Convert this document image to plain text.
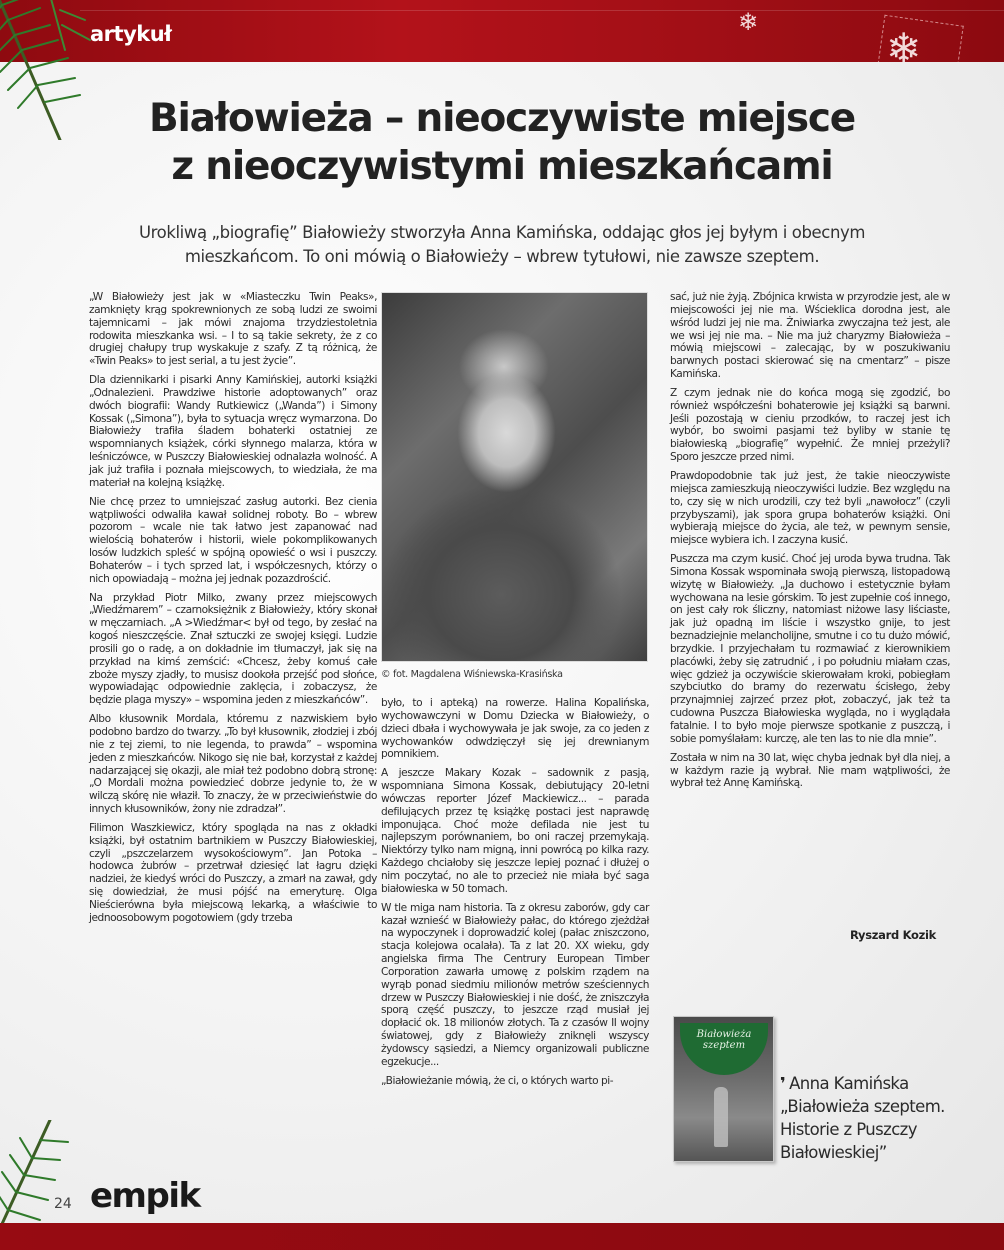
❄
❄
artykuł
Białowieża – nieoczywiste miejsce
z nieoczywistymi mieszkańcami

Urokliwą „biografię” Białowieży stworzyła Anna Kamińska, oddając głos jej byłym i obecnym
mieszkańcom. To oni mówią o Białowieży – wbrew tytułowi, nie zawsze szeptem.

„W Białowieży jest jak w «Miasteczku Twin Peaks», zamknięty krąg spokrewnionych ze sobą ludzi ze swoimi tajemnicami – jak mówi znajoma trzydziestoletnia rodowita mieszkanka wsi. – I to są takie sekrety, że z co drugiej chałupy trup wyskakuje z szafy. Z tą różnicą, że «Twin Peaks» to jest serial, a tu jest życie”.

Dla dziennikarki i pisarki Anny Kamińskiej, autorki książki „Odnalezieni. Prawdziwe historie adoptowanych” oraz dwóch biografii: Wandy Rutkiewicz („Wanda”) i Simony Kossak („Simona”), była to sytuacja wręcz wymarzona. Do Białowieży trafiła śladem bohaterki ostatniej ze wspomnianych książek, córki słynnego malarza, która w leśniczówce, w Puszczy Białowieskiej odnalazła wolność. A jak już trafiła i poznała miejscowych, to wiedziała, że ma materiał na kolejną książkę.

Nie chcę przez to umniejszać zasług autorki. Bez cienia wątpliwości odwaliła kawał solidnej roboty. Bo – wbrew pozorom – wcale nie tak łatwo jest zapanować nad wielością bohaterów i historii, wiele pokomplikowanych losów ludzkich spleść w spójną opowieść o wsi i puszczy. Bohaterów – i tych sprzed lat, i współczesnych, którzy o nich opowiadają – można jej jednak pozazdrościć.

Na przykład Piotr Milko, zwany przez miejscowych „Wiedźmarem” – czarnoksiężnik z Białowieży, który skonał w męczarniach. „A >Wiedźmar< był od tego, by zesłać na kogoś nieszczęście. Znał sztuczki ze swojej księgi. Ludzie prosili go o radę, a on dokładnie im tłumaczył, jak się na przykład na kimś zemścić: «Chcesz, żeby komuś całe zboże myszy zjadły, to musisz dookoła przejść pod słońce, wypowiadając odpowiednie zaklęcia, i zobaczysz, że będzie plaga myszy» – wspomina jeden z mieszkańców”.

Albo kłusownik Mordala, któremu z nazwiskiem było podobno bardzo do twarzy. „To był kłusownik, złodziej i zbój nie z tej ziemi, to nie legenda, to prawda” – wspomina jeden z mieszkańców. Nikogo się nie bał, korzystał z każdej nadarzającej się okazji, ale miał też podobno dobrą stronę: „O Mordali można powiedzieć dobrze jedynie to, że w wilczą skórę nie właził. To znaczy, że w przeciwieństwie do innych kłusowników, żony nie zdradzał”.

Filimon Waszkiewicz, który spogląda na nas z okładki książki, był ostatnim bartnikiem w Puszczy Białowieskiej, czyli „pszczelarzem wysokościowym”. Jan Potoka – hodowca żubrów – przetrwał dziesięć lat łagru dzięki nadziei, że kiedyś wróci do Puszczy, a zmarł na zawał, gdy się dowiedział, że musi pójść na emeryturę. Olga Nieścierówna była miejscową lekarką, a właściwie to jednoosobowym pogotowiem (gdy trzeba

© fot. Magdalena Wiśniewska-Krasińska

było, to i apteką) na rowerze. Halina Kopalińska, wychowawczyni w Domu Dziecka w Białowieży, o dzieci dbała i wychowywała je jak swoje, za co jeden z wychowanków odwdzięczył się jej drewnianym pomnikiem.

A jeszcze Makary Kozak – sadownik z pasją, wspomniana Simona Kossak, debiutujący 20-letni wówczas reporter Józef Mackiewicz... – parada defilujących przez tę książkę postaci jest naprawdę imponująca. Choć może defilada nie jest tu najlepszym porównaniem, bo oni raczej przemykają. Niektórzy tylko nam migną, inni powrócą po kilka razy. Każdego chciałoby się jeszcze lepiej poznać i dłużej o nim poczytać, no ale to przecież nie miała być saga białowieska w 50 tomach.

W tle miga nam historia. Ta z okresu zaborów, gdy car kazał wznieść w Białowieży pałac, do którego zjeżdżał na wypoczynek i doprowadzić kolej (pałac zniszczono, stacja kolejowa ocalała). Ta z lat 20. XX wieku, gdy angielska firma The Centrury European Timber Corporation zawarła umowę z polskim rządem na wyrąb ponad siedmiu milionów metrów sześciennych drzew w Puszczy Białowieskiej i nie dość, że zniszczyła sporą część puszczy, to jeszcze rząd musiał jej dopłacić ok. 18 milionów złotych. Ta z czasów II wojny światowej, gdy z Białowieży zniknęli wszyscy żydowscy sąsiedzi, a Niemcy organizowali publiczne egzekucje...

„Białowieżanie mówią, że ci, o których warto pi-

sać, już nie żyją. Zbójnica krwista w przyrodzie jest, ale w miejscowości jej nie ma. Wścieklica dorodna jest, ale wśród ludzi jej nie ma. Żniwiarka zwyczajna też jest, ale we wsi jej nie ma. – Nie ma już charyzmy Białowieża – mówią miejscowi – zalecając, by w poszukiwaniu barwnych postaci skierować się na cmentarz” – pisze Kamińska.

Z czym jednak nie do końca mogą się zgodzić, bo również współcześni bohaterowie jej książki są barwni. Jeśli pozostają w cieniu przodków, to raczej jest ich wybór, bo swoimi pasjami też byliby w stanie tę białowieską „biografię” wypełnić. Że mniej przeżyli? Sporo jeszcze przed nimi.

Prawdopodobnie tak już jest, że takie nieoczywiste miejsca zamieszkują nieoczywiści ludzie. Bez względu na to, czy się w nich urodzili, czy też byli „nawołocz” (czyli przybyszami), jak spora grupa bohaterów książki. Oni wybierają miejsce do życia, ale też, w pewnym sensie, miejsce wybiera ich. I zaczyna kusić.

Puszcza ma czym kusić. Choć jej uroda bywa trudna. Tak Simona Kossak wspominała swoją pierwszą, listopadową wizytę w Białowieży. „Ja duchowo i estetycznie byłam wychowana na lesie górskim. To jest zupełnie coś innego, on jest cały rok śliczny, natomiast niżowe lasy liściaste, jak już opadną im liście i wszystko gnije, to jest beznadziejnie melancholijne, smutne i co tu dużo mówić, brzydkie. I przyjechałam tu rozmawiać z kierownikiem placówki, żeby się zatrudnić , i po południu miałam czas, więc gdzież ja oczywiście skierowałam kroki, pobiegłam szybciutko do bramy do rezerwatu ścisłego, żeby przynajmniej zajrzeć przez płot, zobaczyć, jak też ta cudowna Puszcza Białowieska wygląda, no i wyglądała fatalnie. I to było moje pierwsze spotkanie z puszczą, i sobie pomyślałam: kurczę, ale ten las to nie dla mnie”.

Została w nim na 30 lat, więc chyba jednak był dla niej, a w każdym razie ją wybrał. Nie mam wątpliwości, że wybrał też Annę Kamińską.

Ryszard Kozik
Białowieża szeptem
❜ Anna Kamińska
„Białowieża szeptem.
Historie z Puszczy
Białowieskiej”
24 empik
